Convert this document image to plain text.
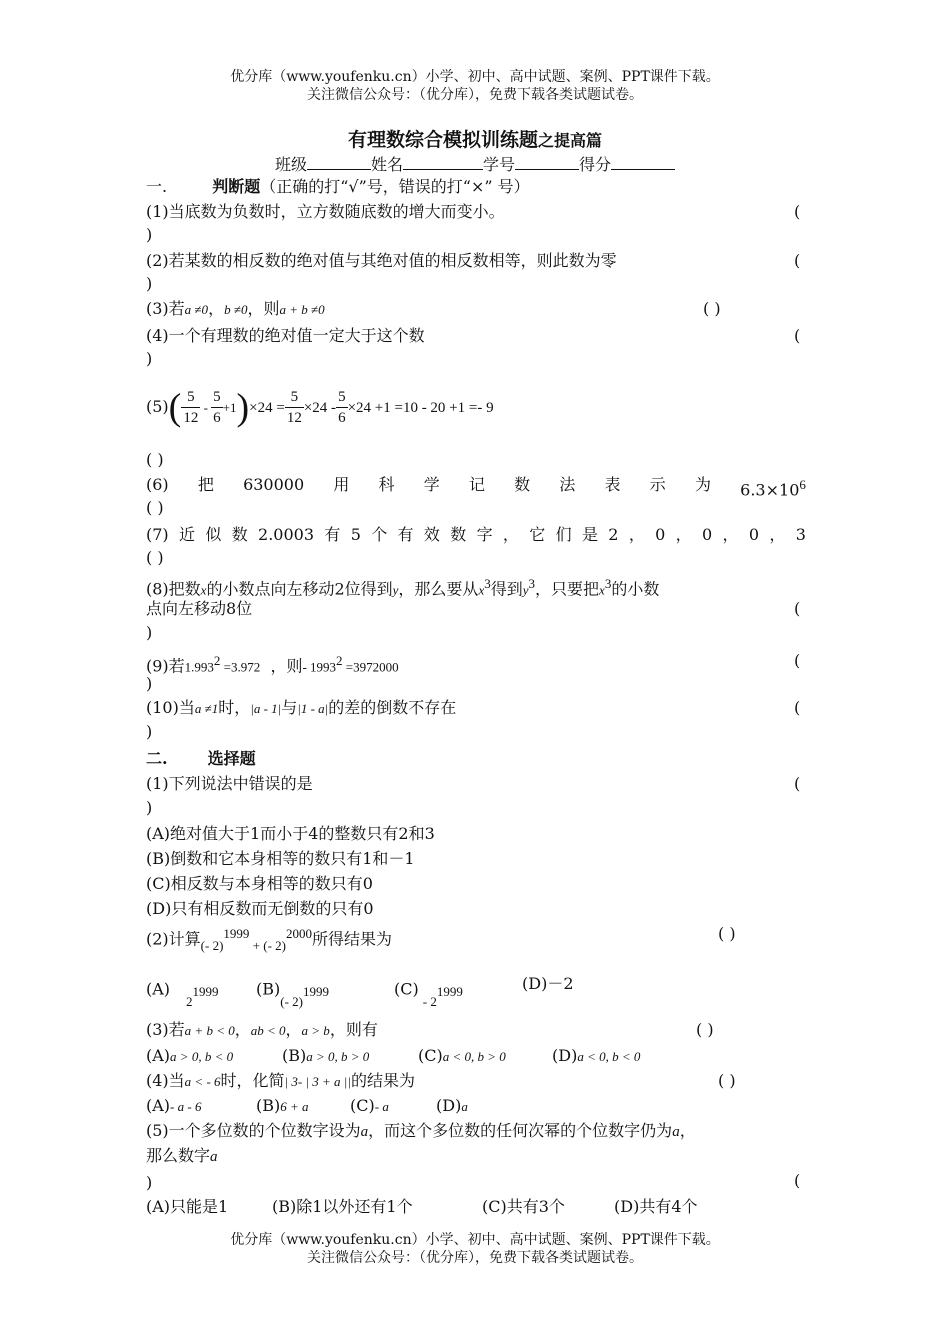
优分库（www.youfenku.cn）小学、初中、高中试题、案例、PPT课件下载。
关注微信公众号：（优分库），免费下载各类试题试卷。
有理数综合模拟训练题之提高篇
班级	姓名	学号	得分
一.	判断题（正确的打“√”号，错误的打“×” 号）
(1)当底数为负数时，立方数随底数的增大而变小。	(
)
(2)若某数的相反数的绝对值与其绝对值的相反数相等，则此数为零	(
)
(3)若a ≠0，b ≠0，则a + b ≠0	( )
(4)一个有理数的绝对值一定大于这个数	(
)
$(5)( \frac{5}{12} - \frac{5}{6} +1)\times 24 = \frac{5}{12} \times 24 - \frac{5}{6} \times 24 +1 =10 - 20 +1 =- 9$
( )
(6) 把 630000 用 科 学 记 数 法 表 示 为 $6.3\times 10^6$
( )
(7) 近 似 数 2.0003 有 5 个 有 效 数 字 ， 它 们 是 2 ， 0 ， 0 ， 0 ， 3
( )
(8)把数x的小数点向左移动2位得到y，那么要从$x^3$得到$y^3$，只要把$x^3$的小数
点向左移动8位	(
)
(9)若$1.993^2 =3.972$ ，则- $1993^2 =3972000$	(
)
(10)当a ≠1时，|a - 1|与|1 - a|的差的倒数不存在	(
)
二.	选择题
(1)下列说法中错误的是	(
)
(A)绝对值大于1而小于4的整数只有2和3
(B)倒数和它本身相等的数只有1和－1
(C)相反数与本身相等的数只有0
(D)只有相反数而无倒数的只有0
(2)计算$_{(- 2)}^{1999}$ $_+$ $_{(- 2)}^{2000}$所得结果为	( )
$(A)_2^{1999}$ $(B)_{(- 2)}^{1999}$	$(C)_{- 2}^{1999}$	(D)－2
(3)若a + b < 0，ab < 0，a > b，则有	( )
(A)a > 0, b < 0	(B)a > 0, b > 0	(C)a < 0, b > 0	(D)a < 0, b < 0
(4)当a < - 6时，化简| 3- | 3 + a ||的结果为	( )
(A)- a - 6	(B)6 + a	(C)- a	(D)a
(5)一个多位数的个位数字设为a，而这个多位数的任何次幂的个位数字仍为a，
那么数字a
(
)
(A)只能是1	(B)除1以外还有1个	(C)共有3个	(D)共有4个
优分库（www.youfenku.cn）小学、初中、高中试题、案例、PPT课件下载。
关注微信公众号：（优分库），免费下载各类试题试卷。
